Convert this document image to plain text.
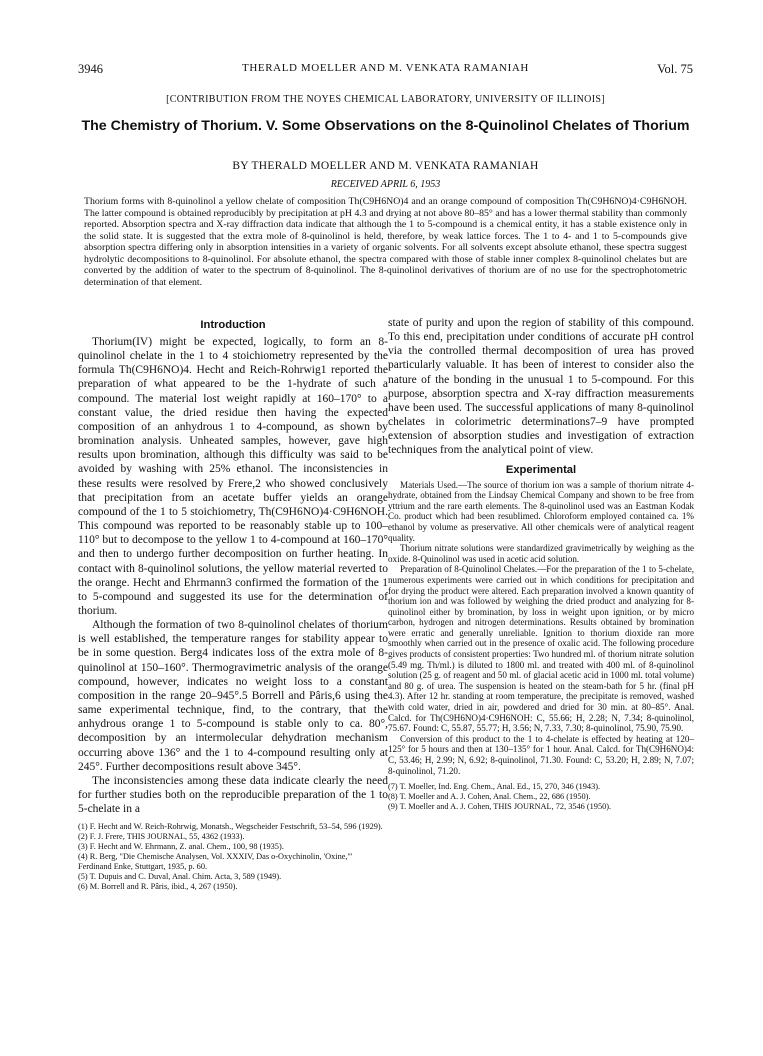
3946	THERALD MOELLER AND M. VENKATA RAMANIAH	Vol. 75
[CONTRIBUTION FROM THE NOYES CHEMICAL LABORATORY, UNIVERSITY OF ILLINOIS]
The Chemistry of Thorium. V. Some Observations on the 8-Quinolinol Chelates of Thorium
BY THERALD MOELLER AND M. VENKATA RAMANIAH
RECEIVED APRIL 6, 1953
Thorium forms with 8-quinolinol a yellow chelate of composition Th(C9H6NO)4 and an orange compound of composition Th(C9H6NO)4·C9H6NOH. The latter compound is obtained reproducibly by precipitation at pH 4.3 and drying at not above 80–85° and has a lower thermal stability than commonly reported. Absorption spectra and X-ray diffraction data indicate that although the 1 to 5-compound is a chemical entity, it has a stable existence only in the solid state. It is suggested that the extra mole of 8-quinolinol is held, therefore, by weak lattice forces. The 1 to 4- and 1 to 5-compounds give absorption spectra differing only in absorption intensities in a variety of organic solvents. For all solvents except absolute ethanol, these spectra suggest hydrolytic decompositions to 8-quinolinol. For absolute ethanol, the spectra compared with those of stable inner complex 8-quinolinol chelates but are converted by the addition of water to the spectrum of 8-quinolinol. The 8-quinolinol derivatives of thorium are of no use for the spectrophotometric determination of that element.
Introduction

Thorium(IV) might be expected, logically, to form an 8-quinolinol chelate in the 1 to 4 stoichiometry represented by the formula Th(C9H6NO)4. Hecht and Reich-Rohrwig1 reported the preparation of what appeared to be the 1-hydrate of such a compound. The material lost weight rapidly at 160–170° to a constant value, the dried residue then having the expected composition of an anhydrous 1 to 4-compound, as shown by bromination analysis. Unheated samples, however, gave high results upon bromination, although this difficulty was said to be avoided by washing with 25% ethanol. The inconsistencies in these results were resolved by Frere,2 who showed conclusively that precipitation from an acetate buffer yields an orange compound of the 1 to 5 stoichiometry, Th(C9H6NO)4·C9H6NOH. This compound was reported to be reasonably stable up to 100–110° but to decompose to the yellow 1 to 4-compound at 160–170° and then to undergo further decomposition on further heating. In contact with 8-quinolinol solutions, the yellow material reverted to the orange. Hecht and Ehrmann3 confirmed the formation of the 1 to 5-compound and suggested its use for the determination of thorium.

Although the formation of two 8-quinolinol chelates of thorium is well established, the temperature ranges for stability appear to be in some question. Berg4 indicates loss of the extra mole of 8-quinolinol at 150–160°. Thermogravimetric analysis of the orange compound, however, indicates no weight loss to a constant composition in the range 20–945°.5 Borrell and Pâris,6 using the same experimental technique, find, to the contrary, that the anhydrous orange 1 to 5-compound is stable only to ca. 80°, decomposition by an intermolecular dehydration mechanism occurring above 136° and the 1 to 4-compound resulting only at 245°. Further decompositions result above 345°.

The inconsistencies among these data indicate clearly the need for further studies both on the reproducible preparation of the 1 to 5-chelate in a

(1) F. Hecht and W. Reich-Rohrwig, Monatsh., Wegscheider Festschrift, 53–54, 596 (1929).

(2) F. J. Frere, THIS JOURNAL, 55, 4362 (1933).

(3) F. Hecht and W. Ehrmann, Z. anal. Chem., 100, 98 (1935).

(4) R. Berg, "Die Chemische Analysen, Vol. XXXIV, Das o-Oxychinolin, 'Oxine,'" Ferdinand Enke, Stuttgart, 1935, p. 60.

(5) T. Dupuis and C. Duval, Anal. Chim. Acta, 3, 589 (1949).

(6) M. Borrell and R. Pâris, ibid., 4, 267 (1950).

state of purity and upon the region of stability of this compound. To this end, precipitation under conditions of accurate pH control via the controlled thermal decomposition of urea has proved particularly valuable. It has been of interest to consider also the nature of the bonding in the unusual 1 to 5-compound. For this purpose, absorption spectra and X-ray diffraction measurements have been used. The successful applications of many 8-quinolinol chelates in colorimetric determinations7–9 have prompted extension of absorption studies and investigation of extraction techniques from the analytical point of view.

Experimental

Materials Used.—The source of thorium ion was a sample of thorium nitrate 4-hydrate, obtained from the Lindsay Chemical Company and shown to be free from yttrium and the rare earth elements. The 8-quinolinol used was an Eastman Kodak Co. product which had been resublimed. Chloroform employed contained ca. 1% ethanol by volume as preservative. All other chemicals were of analytical reagent quality.

Thorium nitrate solutions were standardized gravimetrically by weighing as the oxide. 8-Quinolinol was used in acetic acid solution.

Preparation of 8-Quinolinol Chelates.—For the preparation of the 1 to 5-chelate, numerous experiments were carried out in which conditions for precipitation and for drying the product were altered. Each preparation involved a known quantity of thorium ion and was followed by weighing the dried product and analyzing for 8-quinolinol either by bromination, by loss in weight upon ignition, or by micro carbon, hydrogen and nitrogen determinations. Results obtained by bromination were erratic and generally unreliable. Ignition to thorium dioxide ran more smoothly when carried out in the presence of oxalic acid. The following procedure gives products of consistent properties: Two hundred ml. of thorium nitrate solution (5.49 mg. Th/ml.) is diluted to 1800 ml. and treated with 400 ml. of 8-quinolinol solution (25 g. of reagent and 50 ml. of glacial acetic acid in 1000 ml. total volume) and 80 g. of urea. The suspension is heated on the steam-bath for 5 hr. (final pH 4.3). After 12 hr. standing at room temperature, the precipitate is removed, washed with cold water, dried in air, powdered and dried for 30 min. at 80–85°. Anal. Calcd. for Th(C9H6NO)4·C9H6NOH: C, 55.66; H, 2.28; N, 7.34; 8-quinolinol, 75.67. Found: C, 55.87, 55.77; H, 3.56; N, 7.33, 7.30; 8-quinolinol, 75.90, 75.90.

Conversion of this product to the 1 to 4-chelate is effected by heating at 120–125° for 5 hours and then at 130–135° for 1 hour. Anal. Calcd. for Th(C9H6NO)4: C, 53.46; H, 2.99; N, 6.92; 8-quinolinol, 71.30. Found: C, 53.20; H, 2.89; N, 7.07; 8-quinolinol, 71.20.

(7) T. Moeller, Ind. Eng. Chem., Anal. Ed., 15, 270, 346 (1943).

(8) T. Moeller and A. J. Cohen, Anal. Chem., 22, 686 (1950).

(9) T. Moeller and A. J. Cohen, THIS JOURNAL, 72, 3546 (1950).
